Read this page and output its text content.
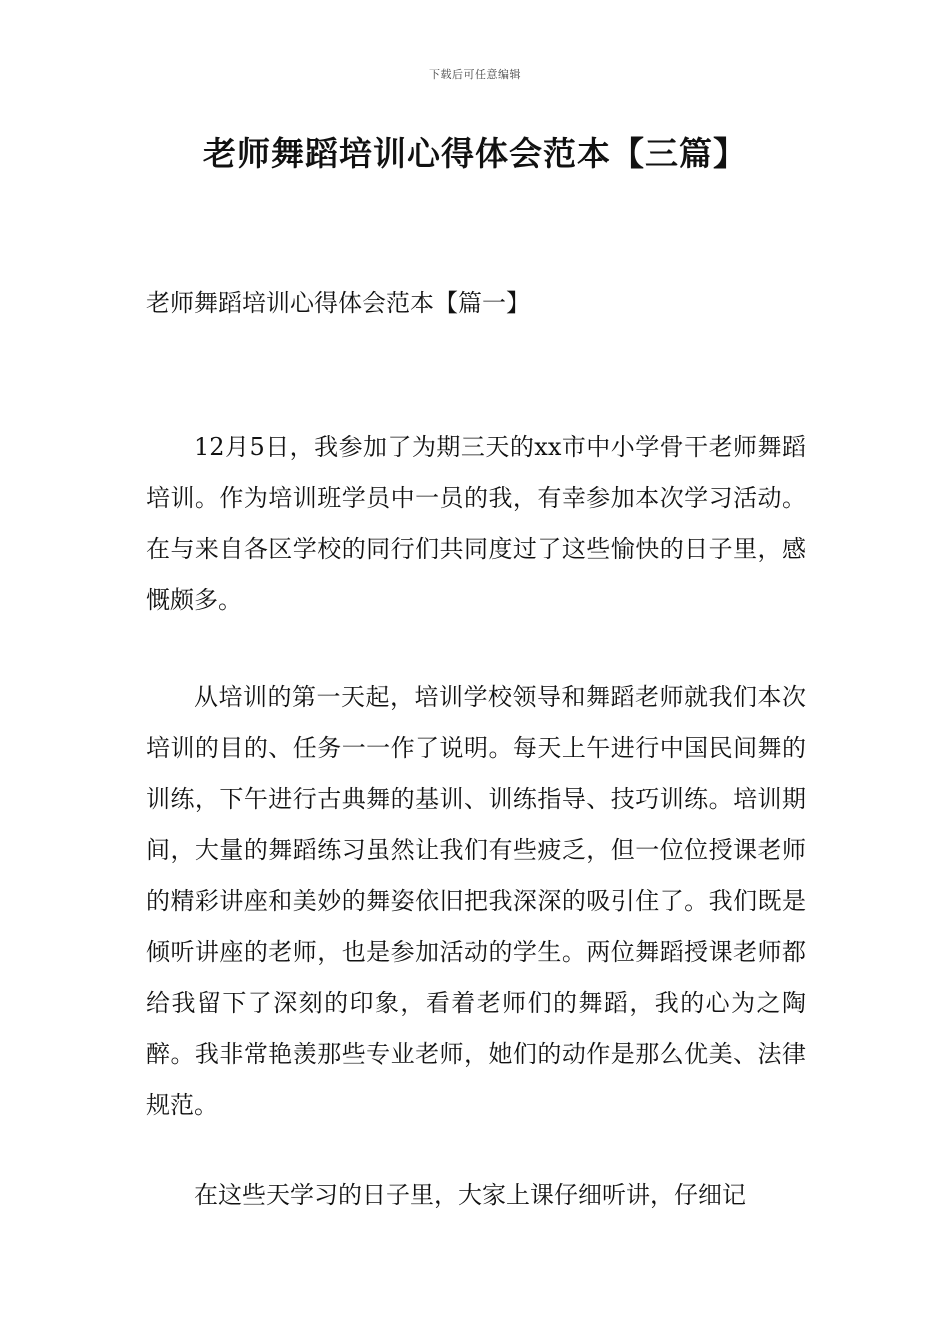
下载后可任意编辑
老师舞蹈培训心得体会范本【三篇】
老师舞蹈培训心得体会范本【篇一】

12月5日，我参加了为期三天的xx市中小学骨干老师舞蹈培训。作为培训班学员中一员的我，有幸参加本次学习活动。在与来自各区学校的同行们共同度过了这些愉快的日子里，感慨颇多。

从培训的第一天起，培训学校领导和舞蹈老师就我们本次培训的目的、任务一一作了说明。每天上午进行中国民间舞的训练，下午进行古典舞的基训、训练指导、技巧训练。培训期间，大量的舞蹈练习虽然让我们有些疲乏，但一位位授课老师的精彩讲座和美妙的舞姿依旧把我深深的吸引住了。我们既是倾听讲座的老师，也是参加活动的学生。两位舞蹈授课老师都给我留下了深刻的印象，看着老师们的舞蹈，我的心为之陶醉。我非常艳羡那些专业老师，她们的动作是那么优美、法律规范。

在这些天学习的日子里，大家上课仔细听讲，仔细记
